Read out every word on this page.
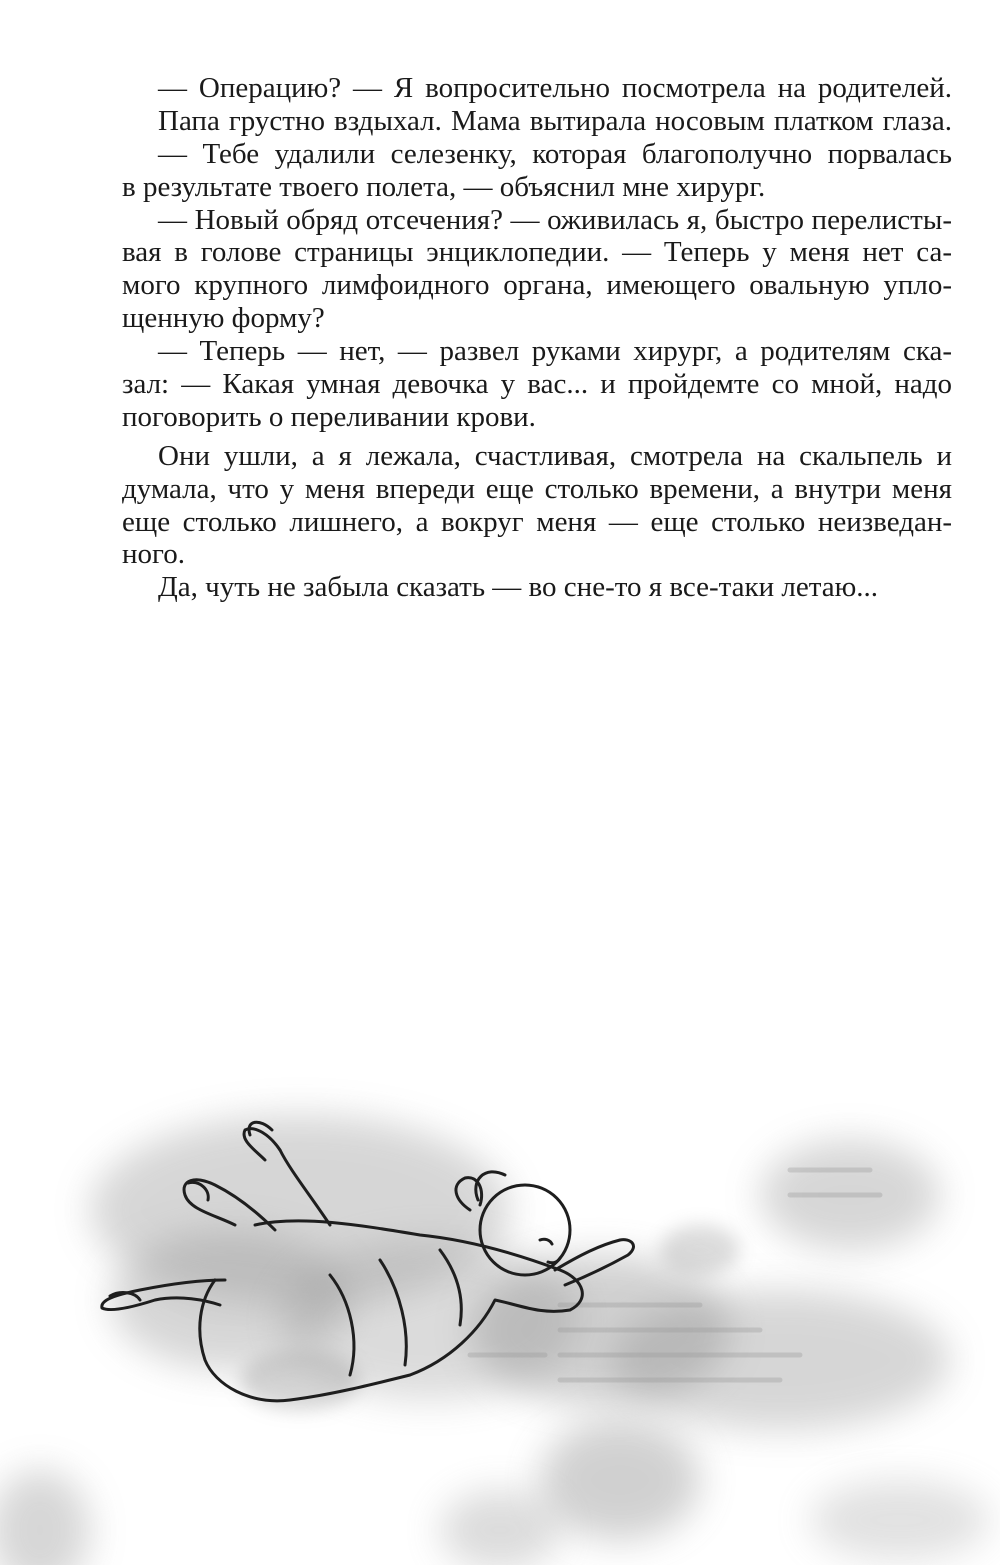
— Операцию? — Я вопросительно посмотрела на родителей.
Папа грустно вздыхал. Мама вытирала носовым платком глаза.
— Тебе удалили селезенку, которая благополучно порвалась
в результате твоего полета, — объяснил мне хирург.
— Новый обряд отсечения? — оживилась я, быстро перелисты-
вая в голове страницы энциклопедии. — Теперь у меня нет са-
мого крупного лимфоидного органа, имеющего овальную упло-
щенную форму?
— Теперь — нет, — развел руками хирург, а родителям ска-
зал: — Какая умная девочка у вас... и пройдемте со мной, надо
поговорить о переливании крови.
Они ушли, а я лежала, счастливая, смотрела на скальпель и
думала, что у меня впереди еще столько времени, а внутри меня
еще столько лишнего, а вокруг меня — еще столько неизведан-
ного.
Да, чуть не забыла сказать — во сне-то я все-таки летаю...
